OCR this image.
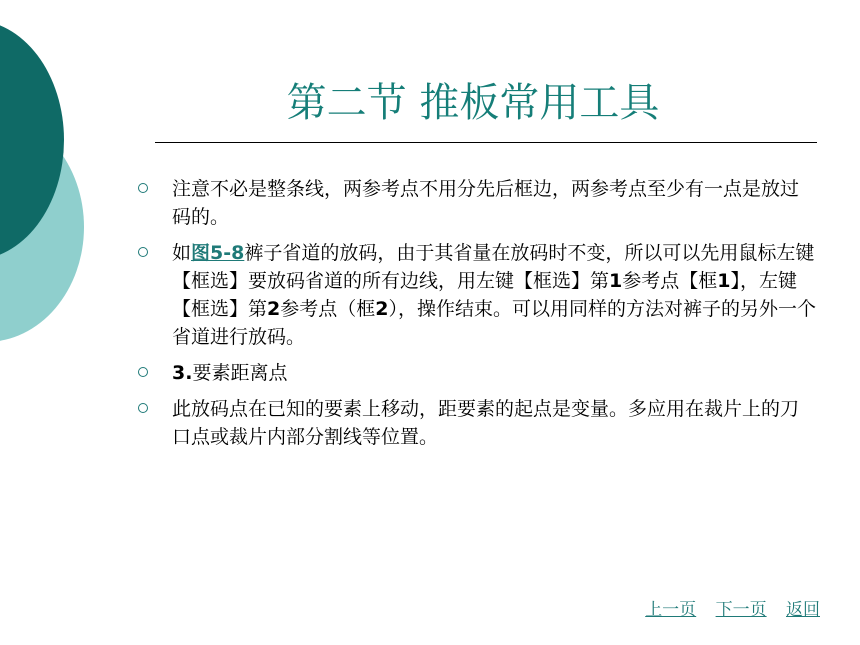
第二节 推板常用工具
注意不必是整条线，两参考点不用分先后框边，两参考点至少有一点是放过码的。
如图5-8裤子省道的放码，由于其省量在放码时不变，所以可以先用鼠标左键【框选】要放码省道的所有边线，用左键【框选】第1参考点【框1】，左键【框选】第2参考点（框2），操作结束。可以用同样的方法对裤子的另外一个省道进行放码。
3.要素距离点
此放码点在已知的要素上移动，距要素的起点是变量。多应用在裁片上的刀口点或裁片内部分割线等位置。
上一页 下一页 返回
